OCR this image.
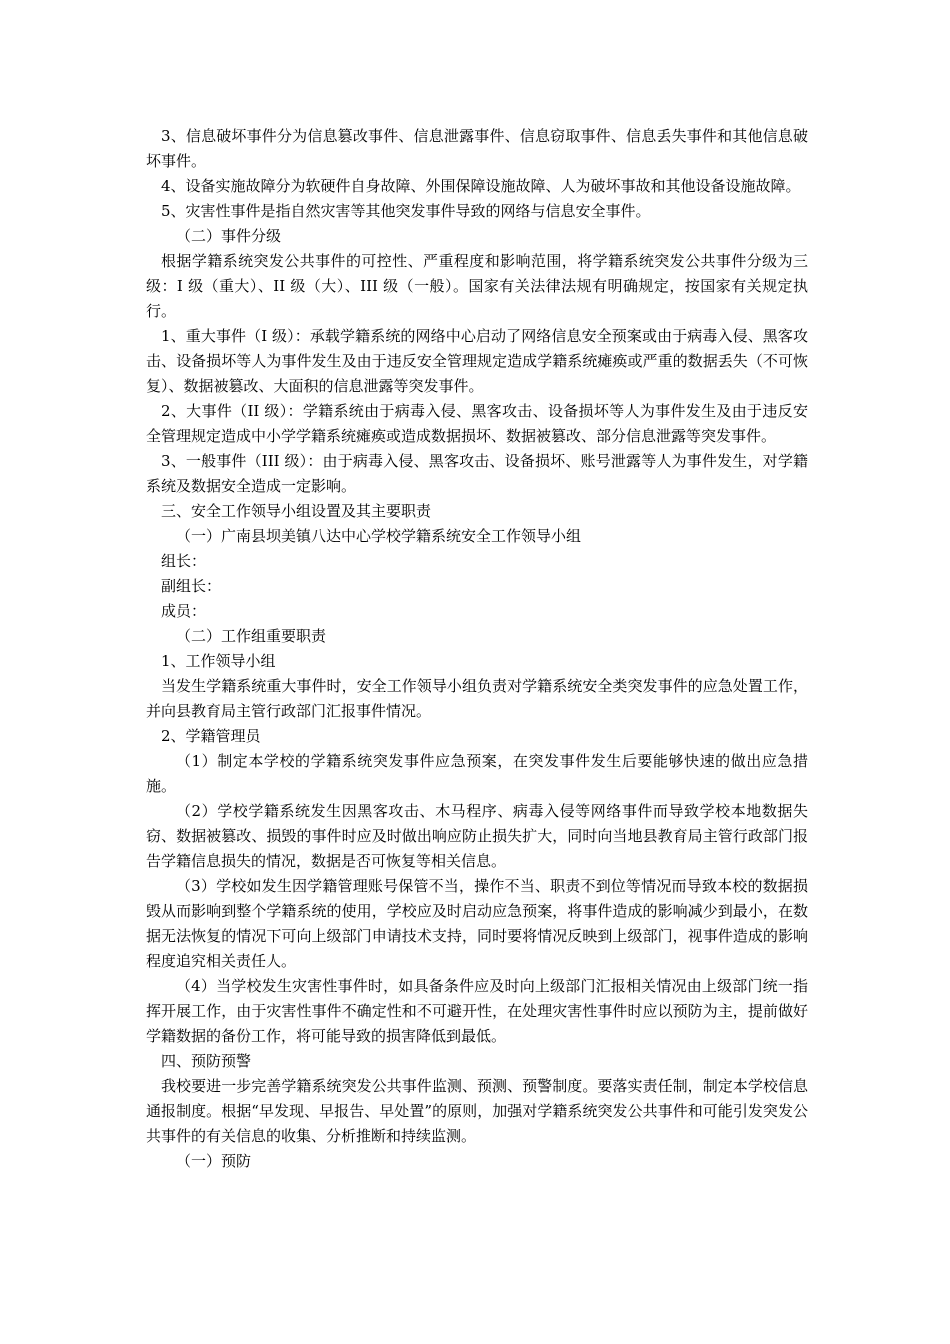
3、信息破坏事件分为信息篡改事件、信息泄露事件、信息窃取事件、信息丢失事件和其他信息破坏事件。

4、设备实施故障分为软硬件自身故障、外围保障设施故障、人为破坏事故和其他设备设施故障。

5、灾害性事件是指自然灾害等其他突发事件导致的网络与信息安全事件。

（二）事件分级

根据学籍系统突发公共事件的可控性、严重程度和影响范围，将学籍系统突发公共事件分级为三级：I 级（重大）、II 级（大）、III 级（一般）。国家有关法律法规有明确规定，按国家有关规定执行。

1、重大事件（I 级）：承载学籍系统的网络中心启动了网络信息安全预案或由于病毒入侵、黑客攻击、设备损坏等人为事件发生及由于违反安全管理规定造成学籍系统瘫痪或严重的数据丢失（不可恢复）、数据被篡改、大面积的信息泄露等突发事件。

2、大事件（II 级）：学籍系统由于病毒入侵、黑客攻击、设备损坏等人为事件发生及由于违反安全管理规定造成中小学学籍系统瘫痪或造成数据损坏、数据被篡改、部分信息泄露等突发事件。

3、一般事件（III 级）：由于病毒入侵、黑客攻击、设备损坏、账号泄露等人为事件发生，对学籍系统及数据安全造成一定影响。

三、安全工作领导小组设置及其主要职责

（一）广南县坝美镇八达中心学校学籍系统安全工作领导小组

组长：

副组长：

成员：

（二）工作组重要职责

1、工作领导小组

当发生学籍系统重大事件时，安全工作领导小组负责对学籍系统安全类突发事件的应急处置工作，并向县教育局主管行政部门汇报事件情况。

2、学籍管理员

（1）制定本学校的学籍系统突发事件应急预案，在突发事件发生后要能够快速的做出应急措施。

（2）学校学籍系统发生因黑客攻击、木马程序、病毒入侵等网络事件而导致学校本地数据失窃、数据被篡改、损毁的事件时应及时做出响应防止损失扩大，同时向当地县教育局主管行政部门报告学籍信息损失的情况，数据是否可恢复等相关信息。

（3）学校如发生因学籍管理账号保管不当，操作不当、职责不到位等情况而导致本校的数据损毁从而影响到整个学籍系统的使用，学校应及时启动应急预案，将事件造成的影响减少到最小，在数据无法恢复的情况下可向上级部门申请技术支持，同时要将情况反映到上级部门，视事件造成的影响程度追究相关责任人。

（4）当学校发生灾害性事件时，如具备条件应及时向上级部门汇报相关情况由上级部门统一指挥开展工作，由于灾害性事件不确定性和不可避开性，在处理灾害性事件时应以预防为主，提前做好学籍数据的备份工作，将可能导致的损害降低到最低。

四、预防预警

我校要进一步完善学籍系统突发公共事件监测、预测、预警制度。要落实责任制，制定本学校信息通报制度。根据“早发现、早报告、早处置”的原则，加强对学籍系统突发公共事件和可能引发突发公共事件的有关信息的收集、分析推断和持续监测。

（一）预防
